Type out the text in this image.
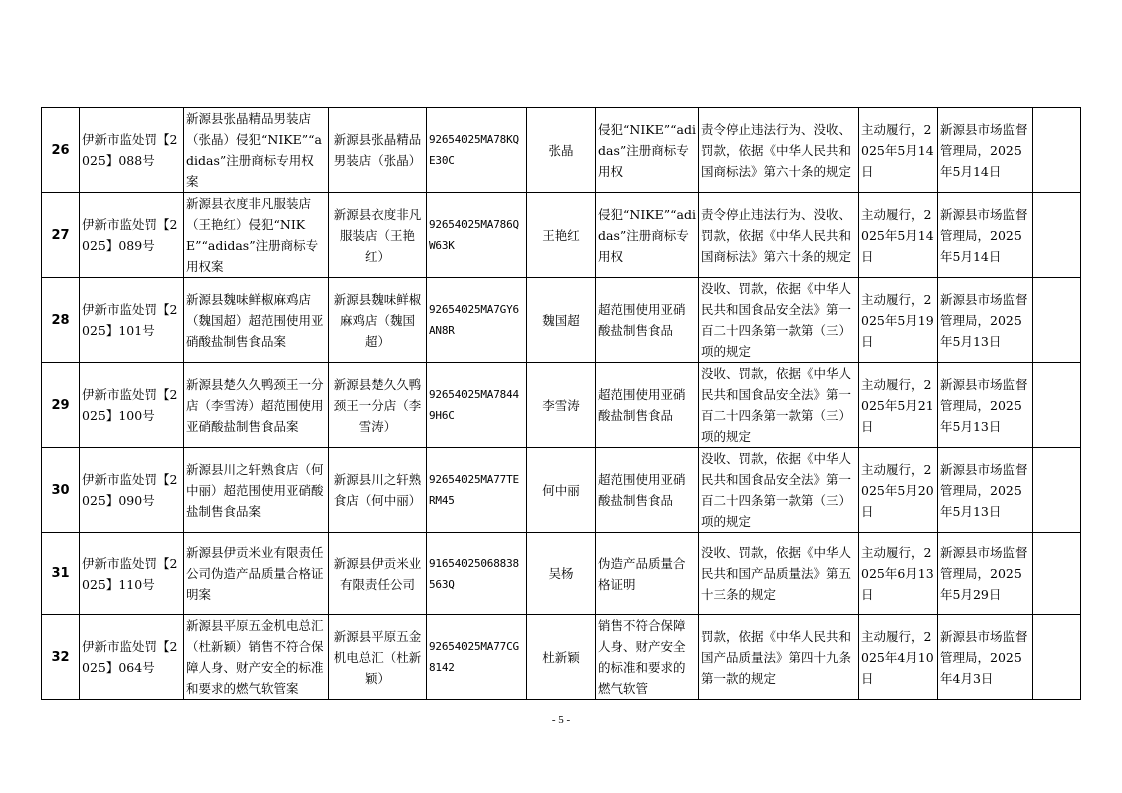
26	伊新市监处罚【2025】088号	新源县张晶精品男装店（张晶）侵犯“NIKE”“adidas”注册商标专用权案	新源县张晶精品男装店（张晶）	92654025MA78KQE30C	张晶	侵犯“NIKE”“adidas”注册商标专用权	责令停止违法行为、没收、罚款，依据《中华人民共和国商标法》第六十条的规定	主动履行，2025年5月14日	新源县市场监督管理局，2025年5月14日	
27	伊新市监处罚【2025】089号	新源县衣度非凡服装店（王艳红）侵犯“NIKE”“adidas”注册商标专用权案	新源县衣度非凡服装店（王艳红）	92654025MA786QW63K	王艳红	侵犯“NIKE”“adidas”注册商标专用权	责令停止违法行为、没收、罚款，依据《中华人民共和国商标法》第六十条的规定	主动履行，2025年5月14日	新源县市场监督管理局，2025年5月14日	
28	伊新市监处罚【2025】101号	新源县魏味鲜椒麻鸡店（魏国超）超范围使用亚硝酸盐制售食品案	新源县魏味鲜椒麻鸡店（魏国超）	92654025MA7GY6AN8R	魏国超	超范围使用亚硝酸盐制售食品	没收、罚款，依据《中华人民共和国食品安全法》第一百二十四条第一款第（三）项的规定	主动履行，2025年5月19日	新源县市场监督管理局，2025年5月13日	
29	伊新市监处罚【2025】100号	新源县楚久久鸭颈王一分店（李雪涛）超范围使用亚硝酸盐制售食品案	新源县楚久久鸭颈王一分店（李雪涛）	92654025MA78449H6C	李雪涛	超范围使用亚硝酸盐制售食品	没收、罚款，依据《中华人民共和国食品安全法》第一百二十四条第一款第（三）项的规定	主动履行，2025年5月21日	新源县市场监督管理局，2025年5月13日	
30	伊新市监处罚【2025】090号	新源县川之轩熟食店（何中丽）超范围使用亚硝酸盐制售食品案	新源县川之轩熟食店（何中丽）	92654025MA77TERM45	何中丽	超范围使用亚硝酸盐制售食品	没收、罚款，依据《中华人民共和国食品安全法》第一百二十四条第一款第（三）项的规定	主动履行，2025年5月20日	新源县市场监督管理局，2025年5月13日	
31	伊新市监处罚【2025】110号	新源县伊贡米业有限责任公司伪造产品质量合格证明案	新源县伊贡米业有限责任公司	91654025068838563Q	吴杨	伪造产品质量合格证明	没收、罚款，依据《中华人民共和国产品质量法》第五十三条的规定	主动履行，2025年6月13日	新源县市场监督管理局，2025年5月29日	
32	伊新市监处罚【2025】064号	新源县平原五金机电总汇（杜新颖）销售不符合保障人身、财产安全的标准和要求的燃气软管案	新源县平原五金机电总汇（杜新颖）	92654025MA77CG8142	杜新颖	销售不符合保障人身、财产安全的标准和要求的燃气软管	罚款，依据《中华人民共和国产品质量法》第四十九条第一款的规定	主动履行，2025年4月10日	新源县市场监督管理局，2025年4月3日	
- 5 -
